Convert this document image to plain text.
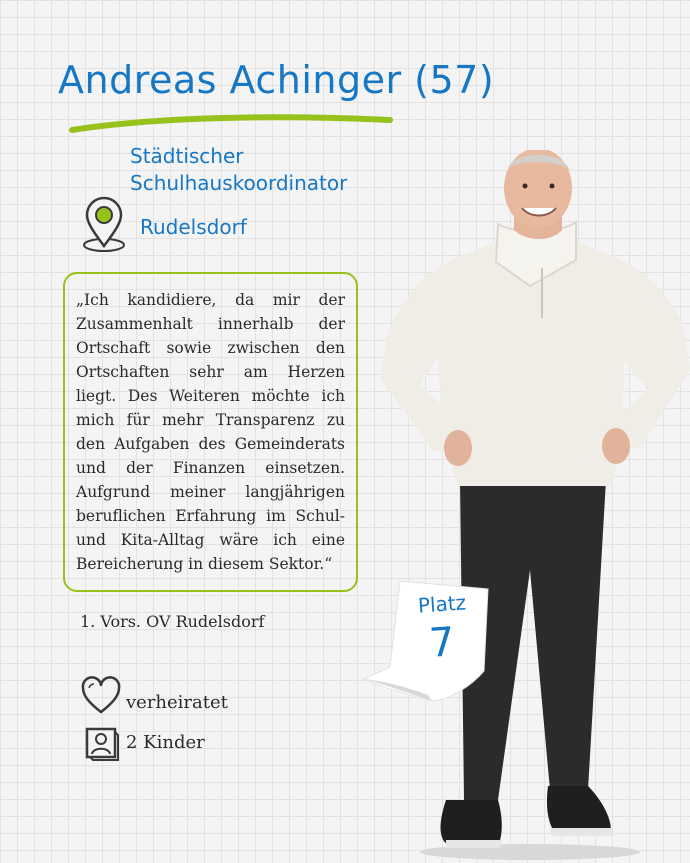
Andreas Achinger (57)
Städtischer
Schulhauskoordinator
Rudelsdorf
„Ich kandidiere, da mir der Zusammenhalt innerhalb der Ortschaft sowie zwischen den Ortschaften sehr am Herzen liegt. Des Weiteren möchte ich mich für mehr Transparenz zu den Aufgaben des Gemeinderats und der Finanzen einsetzen. Aufgrund meiner langjährigen beruflichen Erfahrung im Schul- und Kita-Alltag wäre ich eine Bereicherung in diesem Sektor.“
1. Vors. OV Rudelsdorf
verheiratet
2 Kinder
Platz
7
